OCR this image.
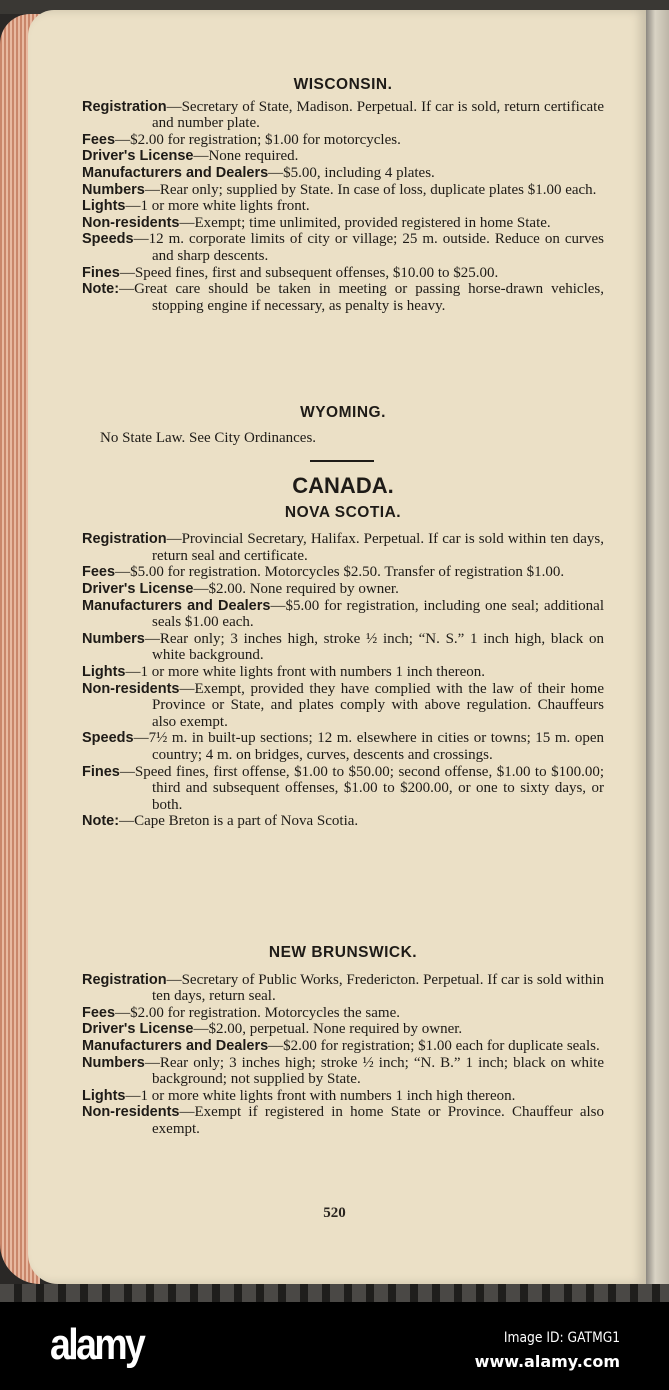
WISCONSIN.

Registration—Secretary of State, Madison. Perpetual. If car is sold, return certificate and number plate.

Fees—$2.00 for registration; $1.00 for motorcycles.

Driver's License—None required.

Manufacturers and Dealers—$5.00, including 4 plates.

Numbers—Rear only; supplied by State. In case of loss, duplicate plates $1.00 each.

Lights—1 or more white lights front.

Non-residents—Exempt; time unlimited, provided registered in home State.

Speeds—12 m. corporate limits of city or village; 25 m. outside. Reduce on curves and sharp descents.

Fines—Speed fines, first and subsequent offenses, $10.00 to $25.00.

Note:—Great care should be taken in meeting or passing horse-drawn vehicles, stopping engine if necessary, as penalty is heavy.

WYOMING.
No State Law. See City Ordinances.
CANADA.
NOVA SCOTIA.

Registration—Provincial Secretary, Halifax. Perpetual. If car is sold within ten days, return seal and certificate.

Fees—$5.00 for registration. Motorcycles $2.50. Transfer of registration $1.00.

Driver's License—$2.00. None required by owner.

Manufacturers and Dealers—$5.00 for registration, including one seal; additional seals $1.00 each.

Numbers—Rear only; 3 inches high, stroke ½ inch; “N. S.” 1 inch high, black on white background.

Lights—1 or more white lights front with numbers 1 inch thereon.

Non-residents—Exempt, provided they have complied with the law of their home Province or State, and plates comply with above regulation. Chauffeurs also exempt.

Speeds—7½ m. in built-up sections; 12 m. elsewhere in cities or towns; 15 m. open country; 4 m. on bridges, curves, descents and crossings.

Fines—Speed fines, first offense, $1.00 to $50.00; second offense, $1.00 to $100.00; third and subsequent offenses, $1.00 to $200.00, or one to sixty days, or both.

Note:—Cape Breton is a part of Nova Scotia.

NEW BRUNSWICK.

Registration—Secretary of Public Works, Fredericton. Perpetual. If car is sold within ten days, return seal.

Fees—$2.00 for registration. Motorcycles the same.

Driver's License—$2.00, perpetual. None required by owner.

Manufacturers and Dealers—$2.00 for registration; $1.00 each for duplicate seals.

Numbers—Rear only; 3 inches high; stroke ½ inch; “N. B.” 1 inch; black on white background; not supplied by State.

Lights—1 or more white lights front with numbers 1 inch high thereon.

Non-residents—Exempt if registered in home State or Province. Chauffeur also exempt.

520
alamy	Image ID: GATMG1
www.alamy.com
